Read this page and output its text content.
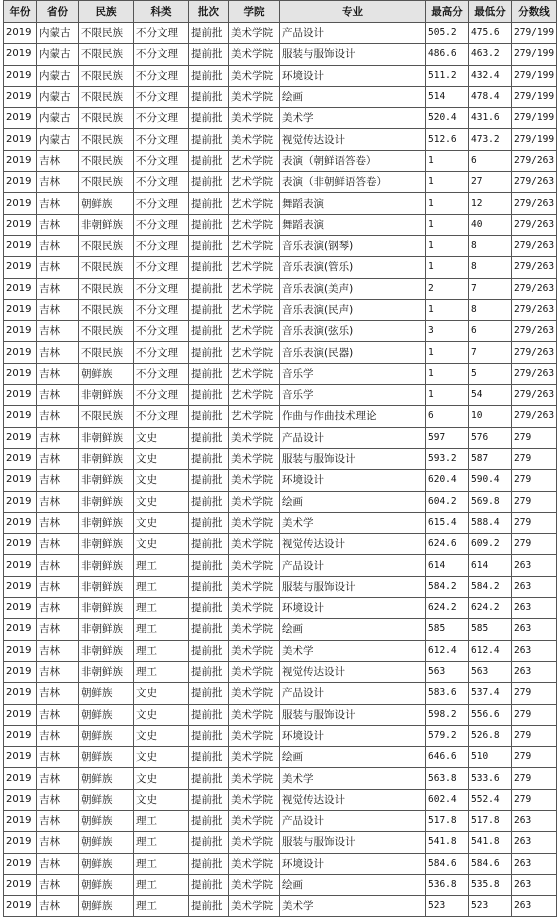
年份	省份	民族	科类	批次	学院	专业	最高分	最低分	分数线
2019	内蒙古	不限民族	不分文理	提前批	美术学院	产品设计	505.2	475.6	279/199
2019	内蒙古	不限民族	不分文理	提前批	美术学院	服装与服饰设计	486.6	463.2	279/199
2019	内蒙古	不限民族	不分文理	提前批	美术学院	环境设计	511.2	432.4	279/199
2019	内蒙古	不限民族	不分文理	提前批	美术学院	绘画	514	478.4	279/199
2019	内蒙古	不限民族	不分文理	提前批	美术学院	美术学	520.4	431.6	279/199
2019	内蒙古	不限民族	不分文理	提前批	美术学院	视觉传达设计	512.6	473.2	279/199
2019	吉林	不限民族	不分文理	提前批	艺术学院	表演（朝鲜语答卷）	1	6	279/263
2019	吉林	不限民族	不分文理	提前批	艺术学院	表演（非朝鲜语答卷）	1	27	279/263
2019	吉林	朝鲜族	不分文理	提前批	艺术学院	舞蹈表演	1	12	279/263
2019	吉林	非朝鲜族	不分文理	提前批	艺术学院	舞蹈表演	1	40	279/263
2019	吉林	不限民族	不分文理	提前批	艺术学院	音乐表演(钢琴)	1	8	279/263
2019	吉林	不限民族	不分文理	提前批	艺术学院	音乐表演(管乐)	1	8	279/263
2019	吉林	不限民族	不分文理	提前批	艺术学院	音乐表演(美声)	2	7	279/263
2019	吉林	不限民族	不分文理	提前批	艺术学院	音乐表演(民声)	1	8	279/263
2019	吉林	不限民族	不分文理	提前批	艺术学院	音乐表演(弦乐)	3	6	279/263
2019	吉林	不限民族	不分文理	提前批	艺术学院	音乐表演(民器)	1	7	279/263
2019	吉林	朝鲜族	不分文理	提前批	艺术学院	音乐学	1	5	279/263
2019	吉林	非朝鲜族	不分文理	提前批	艺术学院	音乐学	1	54	279/263
2019	吉林	不限民族	不分文理	提前批	艺术学院	作曲与作曲技术理论	6	10	279/263
2019	吉林	非朝鲜族	文史	提前批	美术学院	产品设计	597	576	279
2019	吉林	非朝鲜族	文史	提前批	美术学院	服装与服饰设计	593.2	587	279
2019	吉林	非朝鲜族	文史	提前批	美术学院	环境设计	620.4	590.4	279
2019	吉林	非朝鲜族	文史	提前批	美术学院	绘画	604.2	569.8	279
2019	吉林	非朝鲜族	文史	提前批	美术学院	美术学	615.4	588.4	279
2019	吉林	非朝鲜族	文史	提前批	美术学院	视觉传达设计	624.6	609.2	279
2019	吉林	非朝鲜族	理工	提前批	美术学院	产品设计	614	614	263
2019	吉林	非朝鲜族	理工	提前批	美术学院	服装与服饰设计	584.2	584.2	263
2019	吉林	非朝鲜族	理工	提前批	美术学院	环境设计	624.2	624.2	263
2019	吉林	非朝鲜族	理工	提前批	美术学院	绘画	585	585	263
2019	吉林	非朝鲜族	理工	提前批	美术学院	美术学	612.4	612.4	263
2019	吉林	非朝鲜族	理工	提前批	美术学院	视觉传达设计	563	563	263
2019	吉林	朝鲜族	文史	提前批	美术学院	产品设计	583.6	537.4	279
2019	吉林	朝鲜族	文史	提前批	美术学院	服装与服饰设计	598.2	556.6	279
2019	吉林	朝鲜族	文史	提前批	美术学院	环境设计	579.2	526.8	279
2019	吉林	朝鲜族	文史	提前批	美术学院	绘画	646.6	510	279
2019	吉林	朝鲜族	文史	提前批	美术学院	美术学	563.8	533.6	279
2019	吉林	朝鲜族	文史	提前批	美术学院	视觉传达设计	602.4	552.4	279
2019	吉林	朝鲜族	理工	提前批	美术学院	产品设计	517.8	517.8	263
2019	吉林	朝鲜族	理工	提前批	美术学院	服装与服饰设计	541.8	541.8	263
2019	吉林	朝鲜族	理工	提前批	美术学院	环境设计	584.6	584.6	263
2019	吉林	朝鲜族	理工	提前批	美术学院	绘画	536.8	535.8	263
2019	吉林	朝鲜族	理工	提前批	美术学院	美术学	523	523	263
